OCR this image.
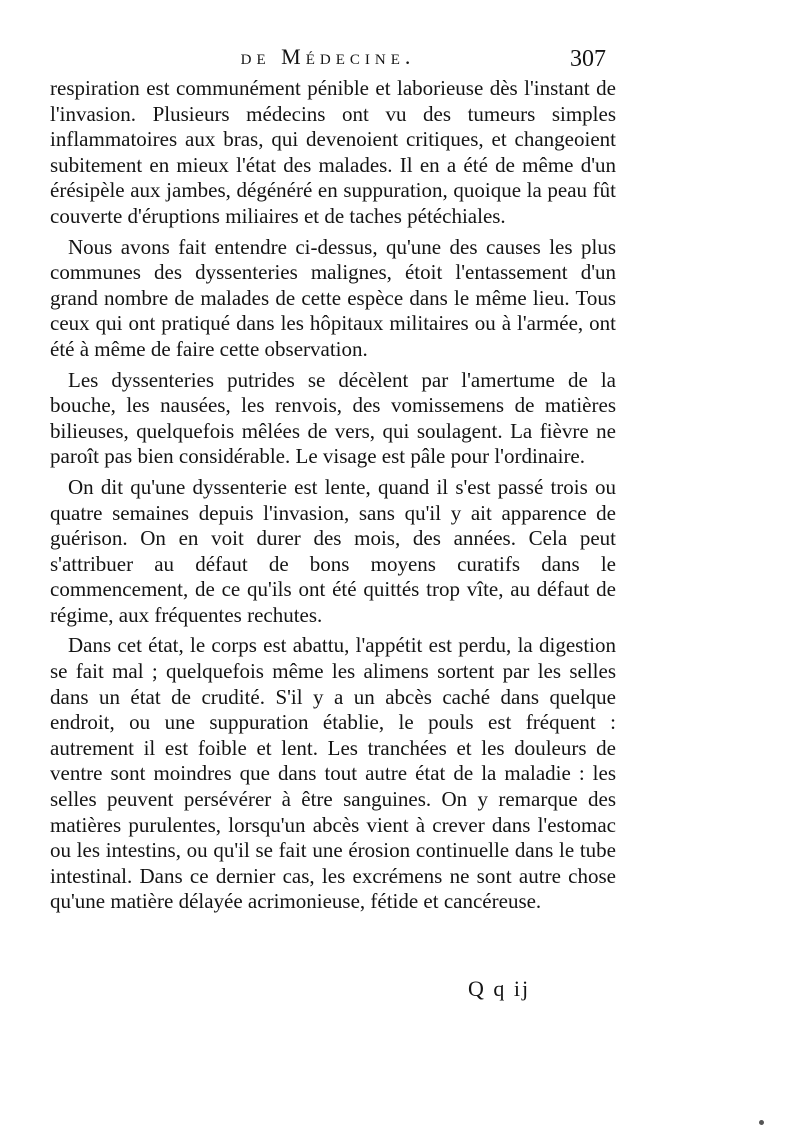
de Médecine.	307

respiration est communément pénible et laborieuse dès l'instant de l'invasion. Plusieurs médecins ont vu des tumeurs simples inflammatoires aux bras, qui devenoient critiques, et changeoient subitement en mieux l'état des malades. Il en a été de même d'un érésipèle aux jambes, dégénéré en suppuration, quoique la peau fût couverte d'éruptions miliaires et de taches pétéchiales.

Nous avons fait entendre ci-dessus, qu'une des causes les plus communes des dyssenteries malignes, étoit l'entassement d'un grand nombre de malades de cette espèce dans le même lieu. Tous ceux qui ont pratiqué dans les hôpitaux militaires ou à l'armée, ont été à même de faire cette observation.

Les dyssenteries putrides se décèlent par l'amertume de la bouche, les nausées, les renvois, des vomissemens de matières bilieuses, quelquefois mêlées de vers, qui soulagent. La fièvre ne paroît pas bien considérable. Le visage est pâle pour l'ordinaire.

On dit qu'une dyssenterie est lente, quand il s'est passé trois ou quatre semaines depuis l'invasion, sans qu'il y ait apparence de guérison. On en voit durer des mois, des années. Cela peut s'attribuer au défaut de bons moyens curatifs dans le commencement, de ce qu'ils ont été quittés trop vîte, au défaut de régime, aux fréquentes rechutes.

Dans cet état, le corps est abattu, l'appétit est perdu, la digestion se fait mal ; quelquefois même les alimens sortent par les selles dans un état de crudité. S'il y a un abcès caché dans quelque endroit, ou une suppuration établie, le pouls est fréquent : autrement il est foible et lent. Les tranchées et les douleurs de ventre sont moindres que dans tout autre état de la maladie : les selles peuvent persévérer à être sanguines. On y remarque des matières purulentes, lorsqu'un abcès vient à crever dans l'estomac ou les intestins, ou qu'il se fait une érosion continuelle dans le tube intestinal. Dans ce dernier cas, les excrémens ne sont autre chose qu'une matière délayée acrimonieuse, fétide et cancéreuse.

Q q ij
